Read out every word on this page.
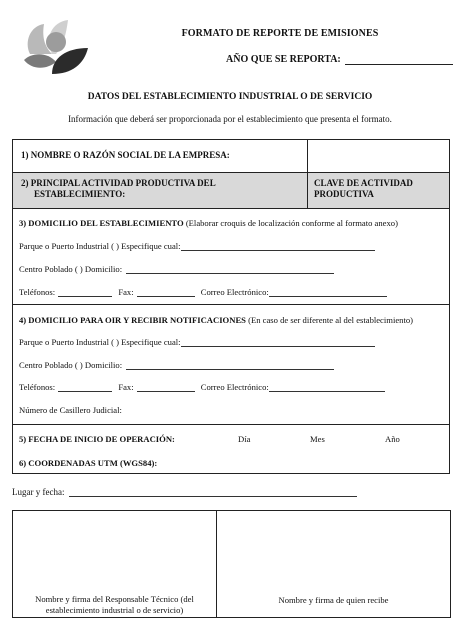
FORMATO DE REPORTE DE EMISIONES
AÑO QUE SE REPORTA:
DATOS DEL ESTABLECIMIENTO INDUSTRIAL O DE SERVICIO
Información que deberá ser proporcionada por el establecimiento que presenta el formato.
1) NOMBRE O RAZÓN SOCIAL DE LA EMPRESA:
2) PRINCIPAL ACTIVIDAD PRODUCTIVA DEL
ESTABLECIMIENTO:
CLAVE DE ACTIVIDAD
PRODUCTIVA
3) DOMICILIO DEL ESTABLECIMIENTO (Elaborar croquis de localización conforme al formato anexo)
Parque o Puerto Industrial ( ) Especifique cual:
Centro Poblado ( ) Domicilio:
Teléfonos:	Fax:	Correo Electrónico:
4) DOMICILIO PARA OIR Y RECIBIR NOTIFICACIONES (En caso de ser diferente al del establecimiento)
Parque o Puerto Industrial ( ) Especifique cual:
Centro Poblado ( ) Domicilio:
Teléfonos:	Fax:	Correo Electrónico:
Número de Casillero Judicial:
5) FECHA DE INICIO DE OPERACIÓN:	Día	Mes	Año
6) COORDENADAS UTM (WGS84):
Lugar y fecha:
Nombre y firma del Responsable Técnico (del
establecimiento industrial o de servicio)
Nombre y firma de quien recibe
